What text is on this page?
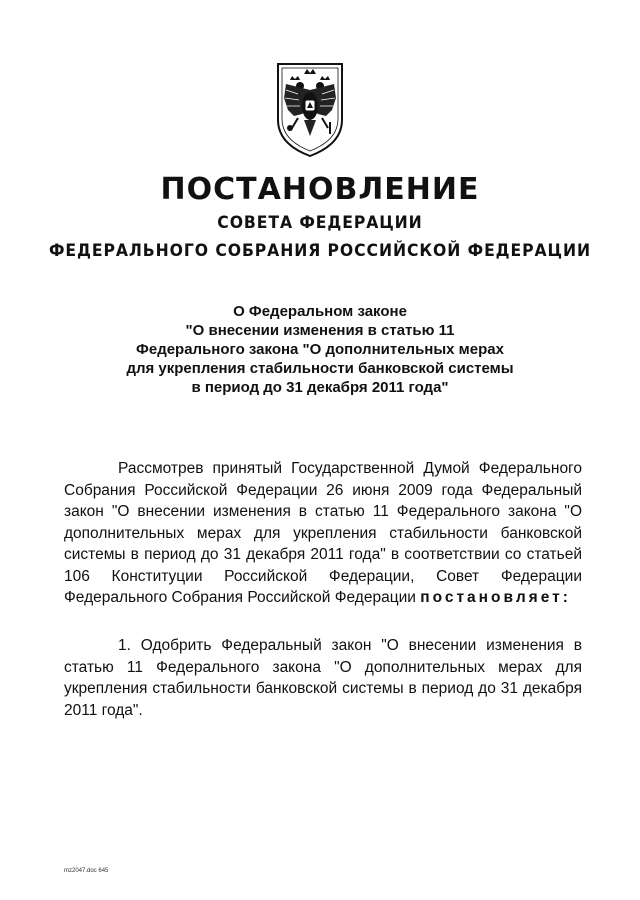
ПОСТАНОВЛЕНИЕ
СОВЕТА ФЕДЕРАЦИИ
ФЕДЕРАЛЬНОГО СОБРАНИЯ РОССИЙСКОЙ ФЕДЕРАЦИИ
О Федеральном законе
"О внесении изменения в статью 11
Федерального закона "О дополнительных мерах
для укрепления стабильности банковской системы
в период до 31 декабря 2011 года"

Рассмотрев принятый Государственной Думой Федерального Собрания Российской Федерации 26 июня 2009 года Федеральный закон "О внесении изменения в статью 11 Федерального закона "О дополнительных мерах для укрепления стабильности банковской системы в период до 31 декабря 2011 года" в соответствии со статьей 106 Конституции Российской Федерации, Совет Федерации Федерального Собрания Российской Федерации постановляет:

1. Одобрить Федеральный закон "О внесении изменения в статью 11 Федерального закона "О дополнительных мерах для укрепления стабильности банковской системы в период до 31 декабря 2011 года".

mz2047.doc 645
